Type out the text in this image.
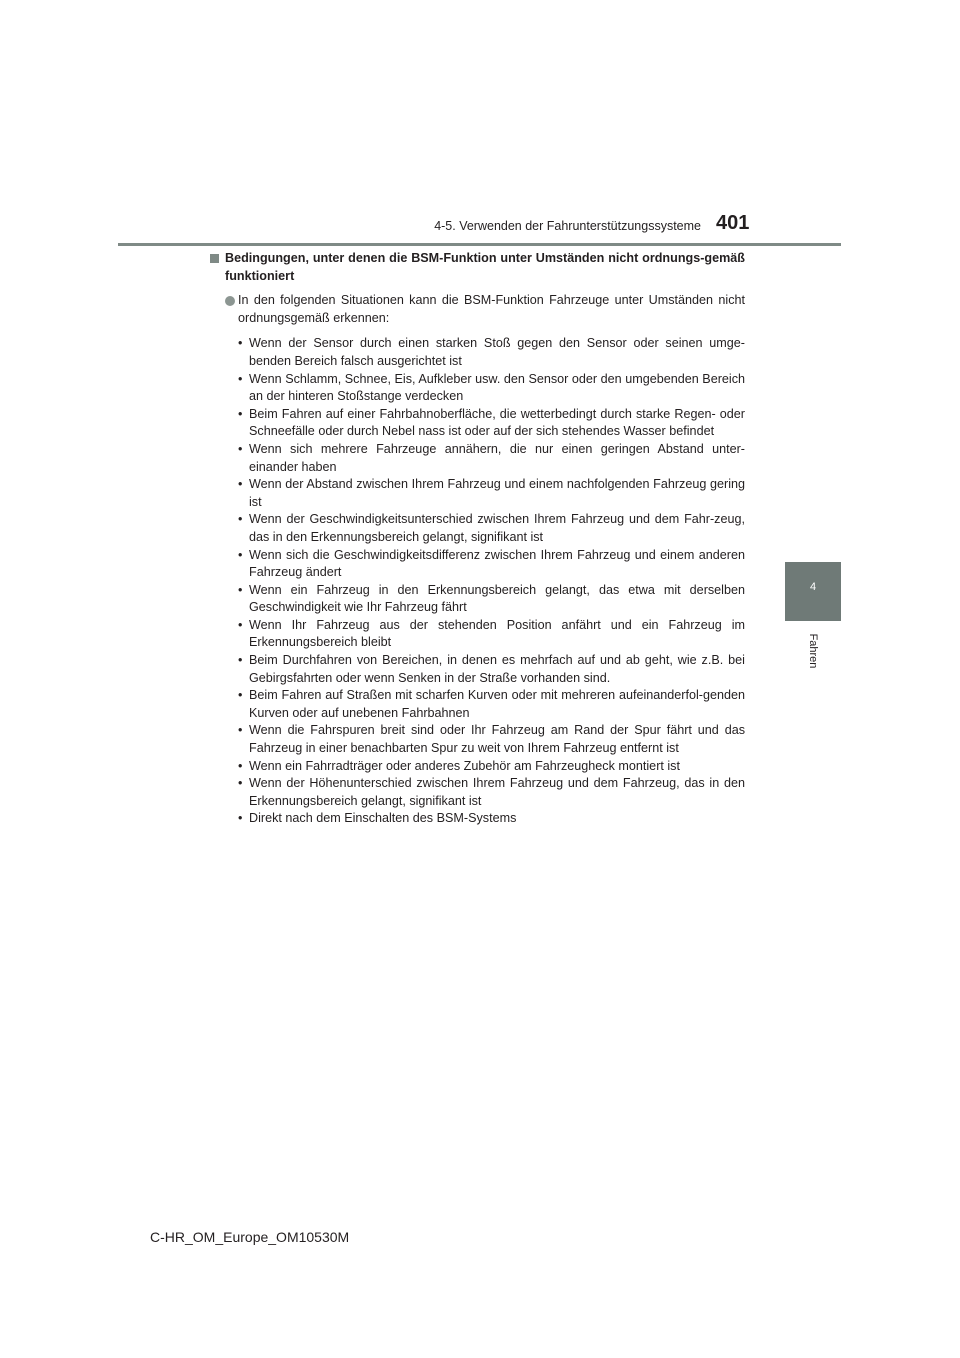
4-5. Verwenden der Fahrunterstützungssysteme 401
4
Fahren
Bedingungen, unter denen die BSM-Funktion unter Umständen nicht ordnungs-gemäß funktioniert
In den folgenden Situationen kann die BSM-Funktion Fahrzeuge unter Umständen nicht ordnungsgemäß erkennen:
• Wenn der Sensor durch einen starken Stoß gegen den Sensor oder seinen umge-benden Bereich falsch ausgerichtet ist
• Wenn Schlamm, Schnee, Eis, Aufkleber usw. den Sensor oder den umgebenden Bereich an der hinteren Stoßstange verdecken
• Beim Fahren auf einer Fahrbahnoberfläche, die wetterbedingt durch starke Regen- oder Schneefälle oder durch Nebel nass ist oder auf der sich stehendes Wasser befindet
• Wenn sich mehrere Fahrzeuge annähern, die nur einen geringen Abstand unter-einander haben
• Wenn der Abstand zwischen Ihrem Fahrzeug und einem nachfolgenden Fahrzeug gering ist
• Wenn der Geschwindigkeitsunterschied zwischen Ihrem Fahrzeug und dem Fahr-zeug, das in den Erkennungsbereich gelangt, signifikant ist
• Wenn sich die Geschwindigkeitsdifferenz zwischen Ihrem Fahrzeug und einem anderen Fahrzeug ändert
• Wenn ein Fahrzeug in den Erkennungsbereich gelangt, das etwa mit derselben Geschwindigkeit wie Ihr Fahrzeug fährt
• Wenn Ihr Fahrzeug aus der stehenden Position anfährt und ein Fahrzeug im Erkennungsbereich bleibt
• Beim Durchfahren von Bereichen, in denen es mehrfach auf und ab geht, wie z.B. bei Gebirgsfahrten oder wenn Senken in der Straße vorhanden sind.
• Beim Fahren auf Straßen mit scharfen Kurven oder mit mehreren aufeinanderfol-genden Kurven oder auf unebenen Fahrbahnen
• Wenn die Fahrspuren breit sind oder Ihr Fahrzeug am Rand der Spur fährt und das Fahrzeug in einer benachbarten Spur zu weit von Ihrem Fahrzeug entfernt ist
• Wenn ein Fahrradträger oder anderes Zubehör am Fahrzeugheck montiert ist
• Wenn der Höhenunterschied zwischen Ihrem Fahrzeug und dem Fahrzeug, das in den Erkennungsbereich gelangt, signifikant ist
• Direkt nach dem Einschalten des BSM-Systems
C-HR_OM_Europe_OM10530M
